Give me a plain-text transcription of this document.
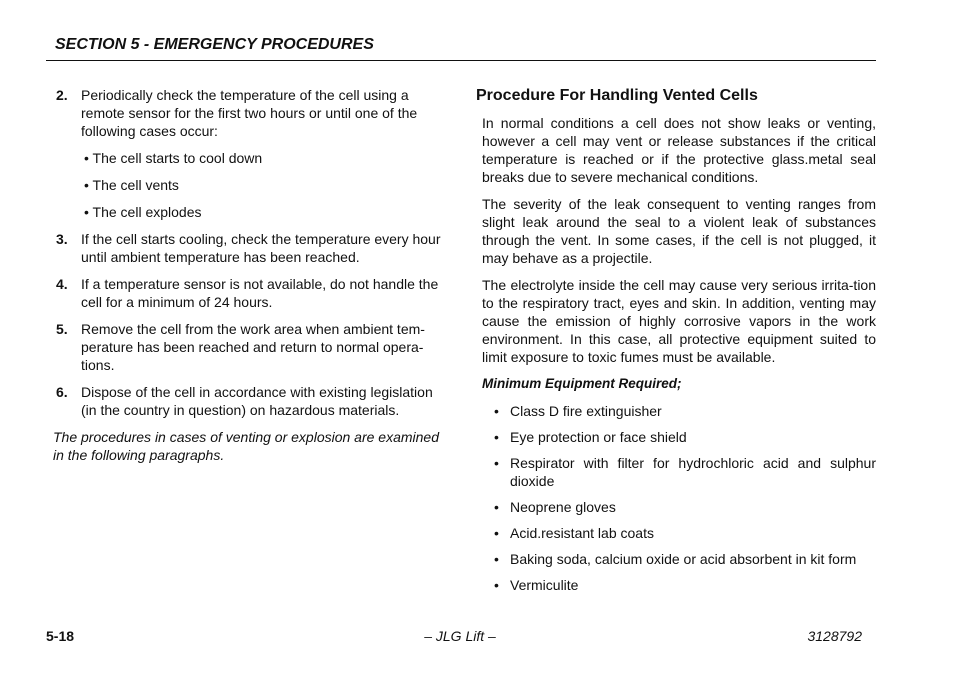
SECTION 5 - EMERGENCY PROCEDURES
2. Periodically check the temperature of the cell using a remote sensor for the first two hours or until one of the following cases occur:
• The cell starts to cool down
• The cell vents
• The cell explodes
3. If the cell starts cooling, check the temperature every hour until ambient temperature has been reached.
4. If a temperature sensor is not available, do not handle the cell for a minimum of 24 hours.
5. Remove the cell from the work area when ambient tem-perature has been reached and return to normal opera-tions.
6. Dispose of the cell in accordance with existing legislation (in the country in question) on hazardous materials.
The procedures in cases of venting or explosion are examined in the following paragraphs.
Procedure For Handling Vented Cells

In normal conditions a cell does not show leaks or venting, however a cell may vent or release substances if the critical temperature is reached or if the protective glass.metal seal breaks due to severe mechanical conditions.

The severity of the leak consequent to venting ranges from slight leak around the seal to a violent leak of substances through the vent. In some cases, if the cell is not plugged, it may behave as a projectile.

The electrolyte inside the cell may cause very serious irrita-tion to the respiratory tract, eyes and skin. In addition, venting may cause the emission of highly corrosive vapors in the work environment. In this case, all protective equipment suited to limit exposure to toxic fumes must be available.

Minimum Equipment Required;
• Class D fire extinguisher
• Eye protection or face shield
• Respirator with filter for hydrochloric acid and sulphur dioxide
• Neoprene gloves
• Acid.resistant lab coats
• Baking soda, calcium oxide or acid absorbent in kit form
• Vermiculite
5-18	– JLG Lift –	3128792
